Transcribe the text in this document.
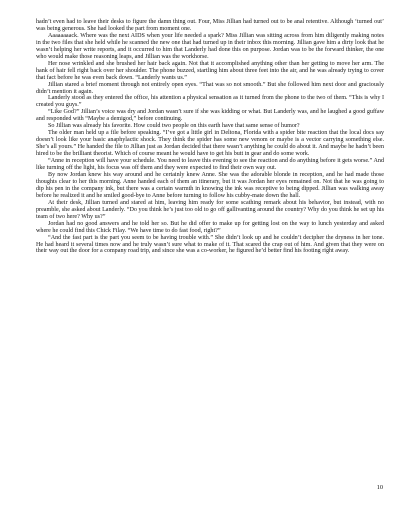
hadn’t even had to leave their desks to figure the damn thing out. Four, Miss Jillian had turned out to be anal retentive. Although ‘turned out’ was being generous. She had looked the part from moment one.

Aaaaaaaack. Where was the next AIDS when your life needed a spark? Miss Jillian was sitting across from him diligently making notes in the two files that she held while he scanned the new one that had turned up in their inbox this morning. Jillian gave him a dirty look that he wasn’t helping her write reports, and it occurred to him that Landerly had done this on purpose. Jordan was to be the forward thinker, the one who would make those reasoning leaps, and Jillian was the workhorse.

Her nose wrinkled and she brushed her hair back again. Not that it accomplished anything other than her getting to move her arm. The hank of hair fell right back over her shoulder. The phone buzzed, startling him about three feet into the air, and he was already trying to cover that fact before he was even back down. “Landerly wants us.”

Jillian stared a brief moment through not entirely open eyes. “That was so not smooth.” But she followed him next door and graciously didn’t mention it again.

Landerly stood as they entered the office, his attention a physical sensation as it turned from the phone to the two of them. “This is why I created you guys.”

“Like God?” Jillian’s voice was dry and Jordan wasn’t sure if she was kidding or what. But Landerly was, and he laughed a good guffaw and responded with “Maybe a demigod,” before continuing.

So Jillian was already his favorite. How could two people on this earth have that same sense of humor?

The older man held up a file before speaking. “I’ve got a little girl in Deltona, Florida with a spider bite reaction that the local docs say doesn’t look like your basic anaphylactic shock. They think the spider has some new venom or maybe is a vector carrying something else. She’s all yours.” He handed the file to Jillian just as Jordan decided that there wasn’t anything he could do about it. And maybe he hadn’t been hired to be the brilliant theorist. Which of course meant he would have to get his butt in gear and do some work.

“Anne in reception will have your schedule. You need to leave this evening to see the reaction and do anything before it gets worse.” And like turning off the light, his focus was off them and they were expected to find their own way out.

By now Jordan knew his way around and he certainly knew Anne. She was the adorable blonde in reception, and he had made those thoughts clear to her this morning. Anne handed each of them an itinerary, but it was Jordan her eyes remained on. Not that he was going to dip his pen in the company ink, but there was a certain warmth in knowing the ink was receptive to being dipped. Jillian was walking away before he realized it and he smiled good-bye to Anne before turning to follow his cubby-mate down the hall.

At their desk, Jillian turned and stared at him, leaving him ready for some scathing remark about his behavior, but instead, with no preamble, she asked about Landerly. “Do you think he’s just too old to go off gallivanting around the country? Why do you think he set up his team of two here? Why us?”

Jordan had no good answers and he told her so. But he did offer to make up for getting lost on the way to lunch yesterday and asked where he could find this Chick Filay. “We have time to do fast food, right?”

“And the fast part is the part you seem to be having trouble with.” She didn’t look up and he couldn’t decipher the dryness in her tone. He had heard it several times now and he truly wasn’t sure what to make of it. That scared the crap out of him. And given that they were on their way out the door for a company road trip, and since she was a co-worker, he figured he’d better find his footing right away.

10
